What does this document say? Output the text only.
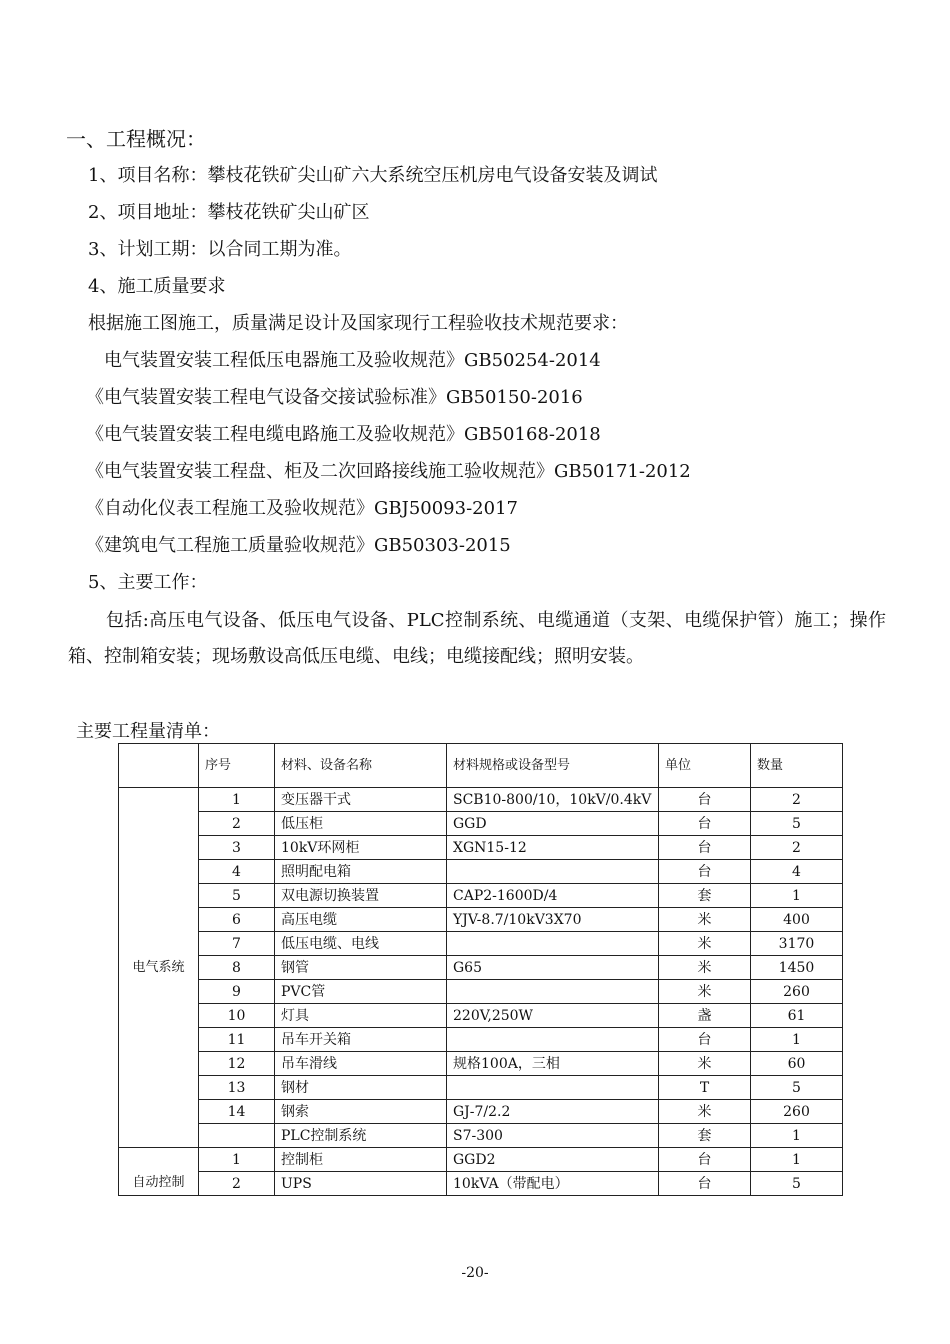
一、工程概况：
1、项目名称：攀枝花铁矿尖山矿六大系统空压机房电气设备安装及调试
2、项目地址：攀枝花铁矿尖山矿区
3、计划工期：以合同工期为准。
4、施工质量要求
根据施工图施工，质量满足设计及国家现行工程验收技术规范要求：
电气装置安装工程低压电器施工及验收规范》GB50254-2014
《电气装置安装工程电气设备交接试验标准》GB50150-2016
《电气装置安装工程电缆电路施工及验收规范》GB50168-2018
《电气装置安装工程盘、柜及二次回路接线施工验收规范》GB50171-2012
《自动化仪表工程施工及验收规范》GBJ50093-2017
《建筑电气工程施工质量验收规范》GB50303-2015
5、主要工作：
包括:高压电气设备、低压电气设备、PLC控制系统、电缆通道（支架、电缆保护管）施工；操作箱、控制箱安装；现场敷设高低压电缆、电线；电缆接配线；照明安装。
主要工程量清单：
	序号	材料、设备名称	材料规格或设备型号	单位	数量
电气系统	1	变压器干式	SCB10-800/10，10kV/0.4kV	台	2
	2	低压柜	GGD	台	5
	3	10kV环网柜	XGN15-12	台	2
	4	照明配电箱		台	4
	5	双电源切换装置	CAP2-1600D/4	套	1
	6	高压电缆	YJV-8.7/10kV3X70	米	400
	7	低压电缆、电线		米	3170
	8	钢管	G65	米	1450
	9	PVC管		米	260
	10	灯具	220V,250W	盏	61
	11	吊车开关箱		台	1
	12	吊车滑线	规格100A，三相	米	60
	13	钢材		T	5
	14	钢索	GJ-7/2.2	米	260
		PLC控制系统	S7-300	套	1
自动控制	1	控制柜	GGD2	台	1
	2	UPS	10kVA（带配电）	台	5
-20-
